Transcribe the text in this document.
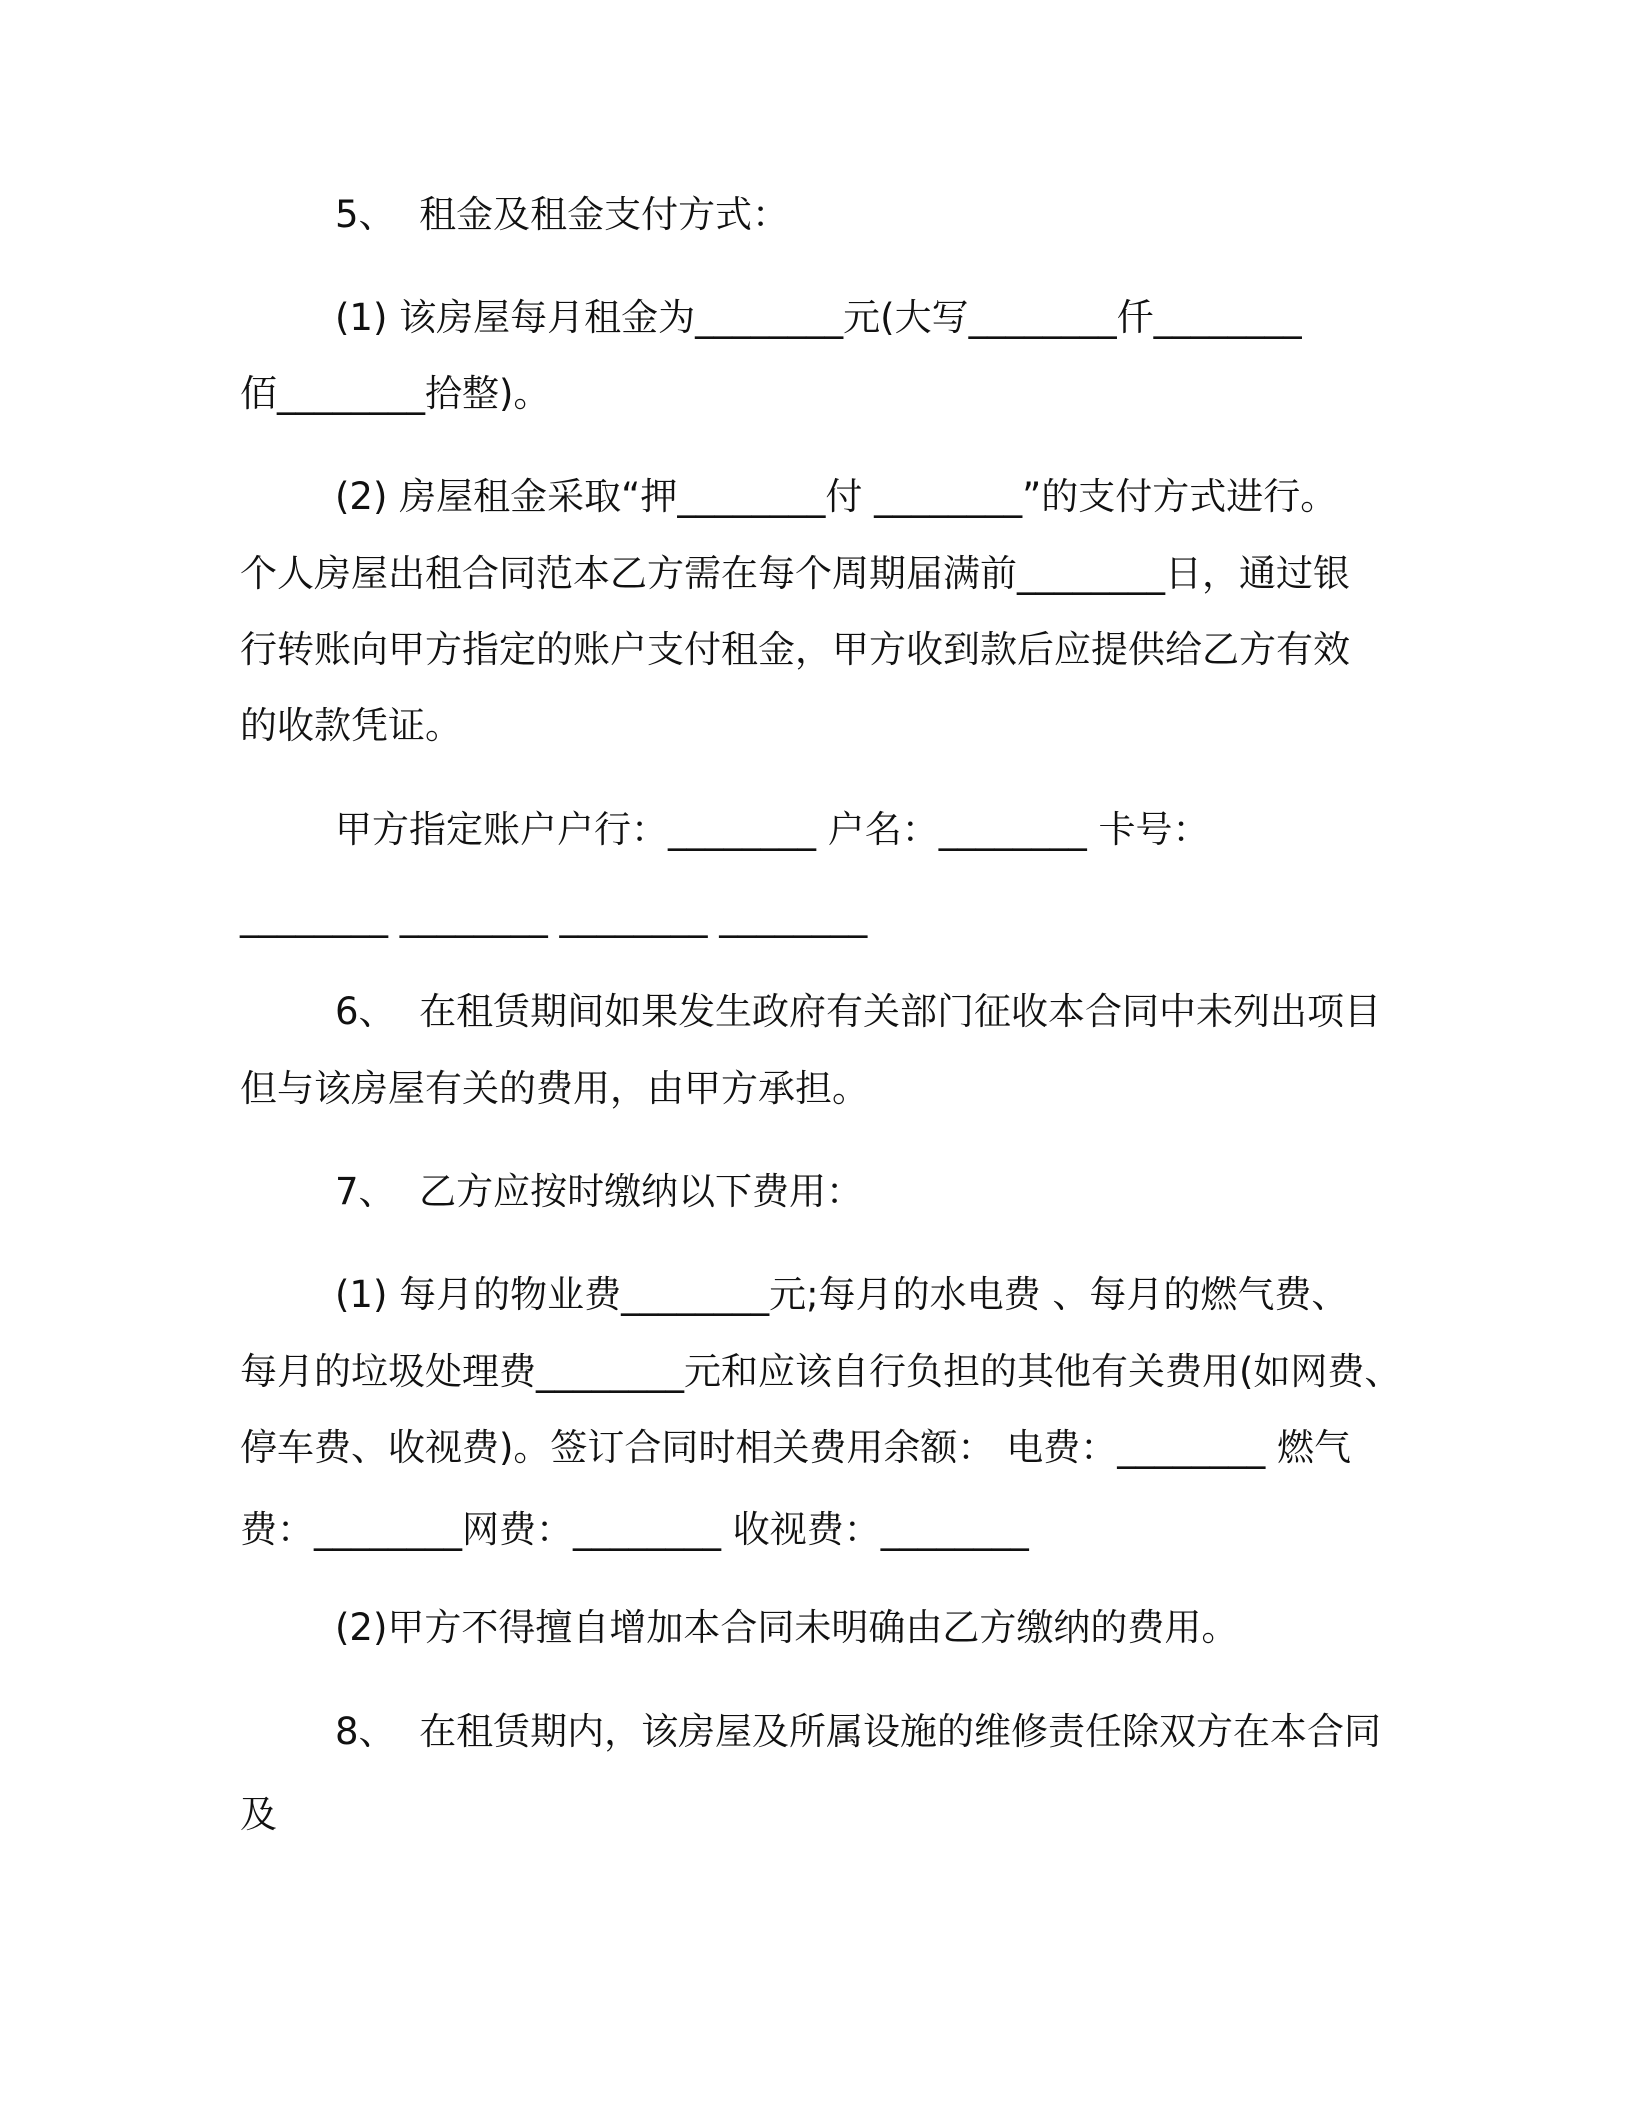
5、  租金及租金支付方式：
(1) 该房屋每月租金为________元(大写________仟________
佰________拾整)。
(2) 房屋租金采取“押________付 ________”的支付方式进行。
个人房屋出租合同范本乙方需在每个周期届满前________日，通过银
行转账向甲方指定的账户支付租金，甲方收到款后应提供给乙方有效
的收款凭证。
甲方指定账户户行：________ 户名：________ 卡号：
________ ________ ________ ________
6、  在租赁期间如果发生政府有关部门征收本合同中未列出项目
但与该房屋有关的费用，由甲方承担。
7、  乙方应按时缴纳以下费用：
(1) 每月的物业费________元;每月的水电费 、每月的燃气费、
每月的垃圾处理费________元和应该自行负担的其他有关费用(如网费、
停车费、收视费)。签订合同时相关费用余额： 电费：________ 燃气
费：________网费：________ 收视费：________
(2)甲方不得擅自增加本合同未明确由乙方缴纳的费用。
8、  在租赁期内，该房屋及所属设施的维修责任除双方在本合同
及
